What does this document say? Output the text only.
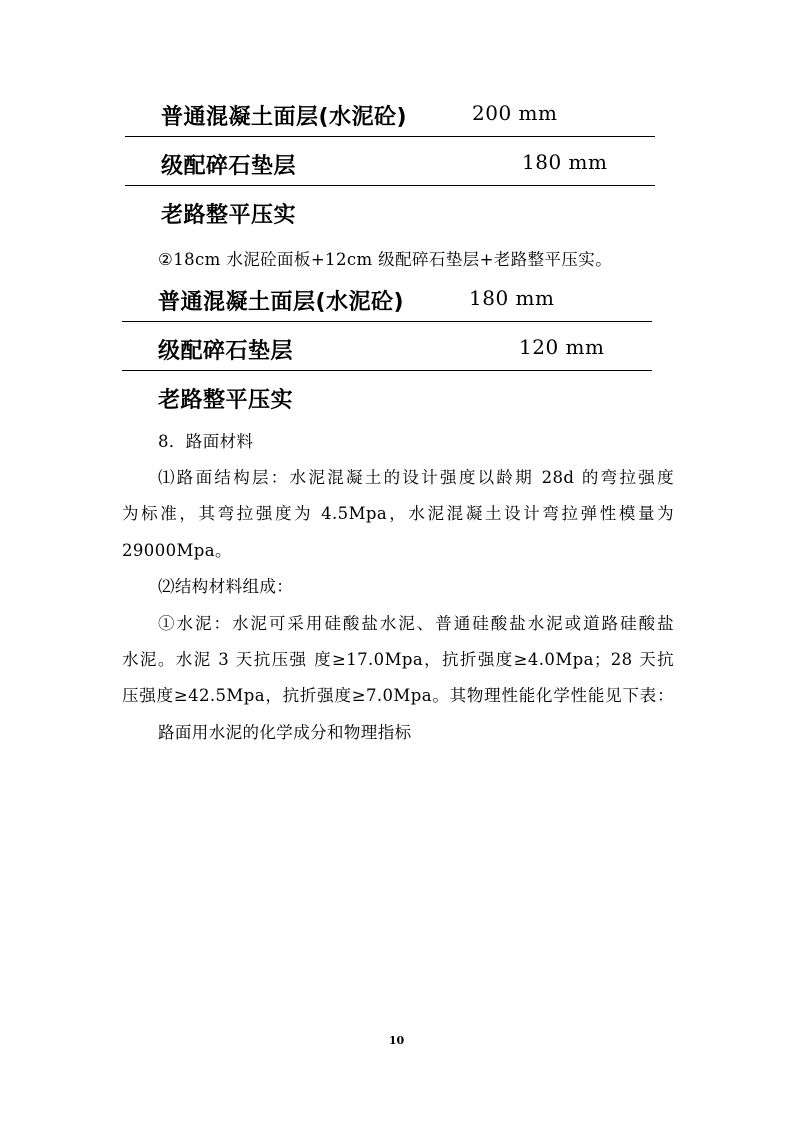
普通混凝土面层(水泥砼)	200 mm
级配碎石垫层	180 mm
老路整平压实
②18cm 水泥砼面板+12cm 级配碎石垫层+老路整平压实。
普通混凝土面层(水泥砼)	180 mm
级配碎石垫层	120 mm
老路整平压实
8．路面材料
⑴路面结构层：水泥混凝土的设计强度以龄期 28d 的弯拉强度
为标准，其弯拉强度为 4.5Mpa，水泥混凝土设计弯拉弹性模量为
29000Mpa。
⑵结构材料组成：
①水泥：水泥可采用硅酸盐水泥、普通硅酸盐水泥或道路硅酸盐
水泥。水泥 3 天抗压强 度≥17.0Mpa，抗折强度≥4.0Mpa；28 天抗
压强度≥42.5Mpa，抗折强度≥7.0Mpa。其物理性能化学性能见下表：
路面用水泥的化学成分和物理指标
10
